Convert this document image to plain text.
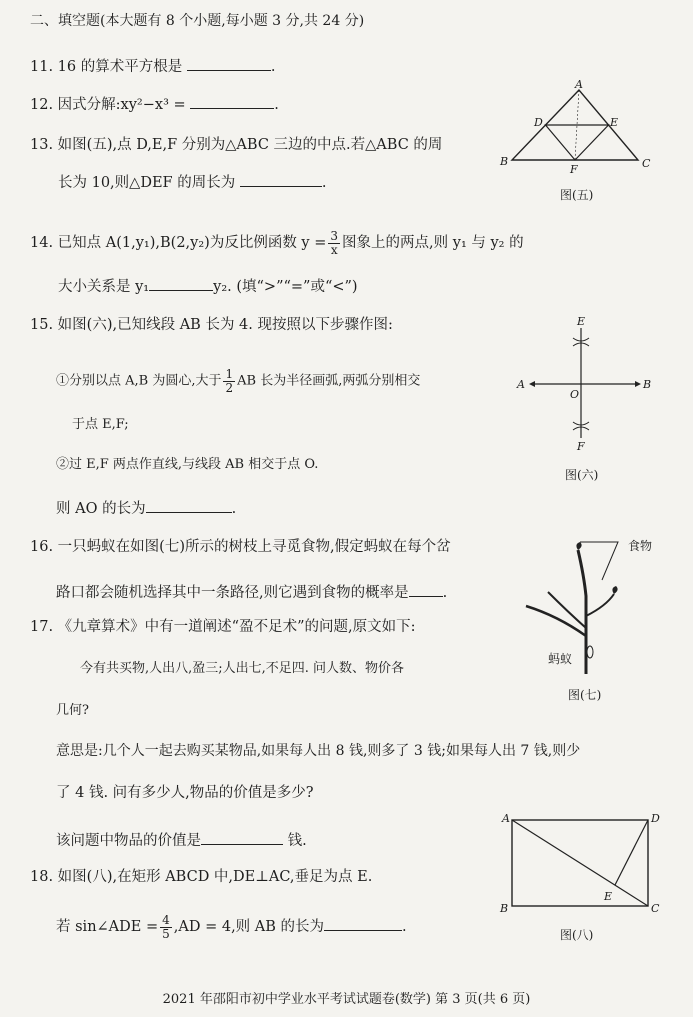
二、填空题(本大题有 8 个小题,每小题 3 分,共 24 分)
11. 16 的算术平方根是	.
12. 因式分解:xy²−x³ =	.
13. 如图(五),点 D,E,F 分别为△ABC 三边的中点.若△ABC 的周
长为 10,则△DEF 的周长为	.
A
B	C
D	E
F
图(五)
14. 已知点 A(1,y₁),B(2,y₂)为反比例函数 $y = \frac{3}{x}$ 图象上的两点,则 y₁ 与 y₂ 的
大小关系是 y₁	y₂. (填“>”“=”或“<”)
15. 如图(六),已知线段 AB 长为 4. 现按照以下步骤作图:
①分别以点 A,B 为圆心,大于 $\frac{1}{2}$ AB 长为半径画弧,两弧分别相交
于点 E,F;
②过 E,F 两点作直线,与线段 AB 相交于点 O.
则 AO 的长为	.
E
A	B
O
F
图(六)
16. 一只蚂蚁在如图(七)所示的树枝上寻觅食物,假定蚂蚁在每个岔
路口都会随机选择其中一条路径,则它遇到食物的概率是 .
食物
蚂蚁
图(七)
17. 《九章算术》中有一道阐述“盈不足术”的问题,原文如下:
今有共买物,人出八,盈三;人出七,不足四. 问人数、物价各
几何?
意思是:几个人一起去购买某物品,如果每人出 8 钱,则多了 3 钱;如果每人出 7 钱,则少
了 4 钱. 问有多少人,物品的价值是多少?
该问题中物品的价值是	钱.
18. 如图(八),在矩形 ABCD 中,DE⊥AC,垂足为点 E.
若 sin∠ADE = $\frac{4}{5} ,AD = 4$,则 AB 的长为	.
A	D
B	C
E
图(八)
2021 年邵阳市初中学业水平考试试题卷(数学) 第 3 页(共 6 页)
